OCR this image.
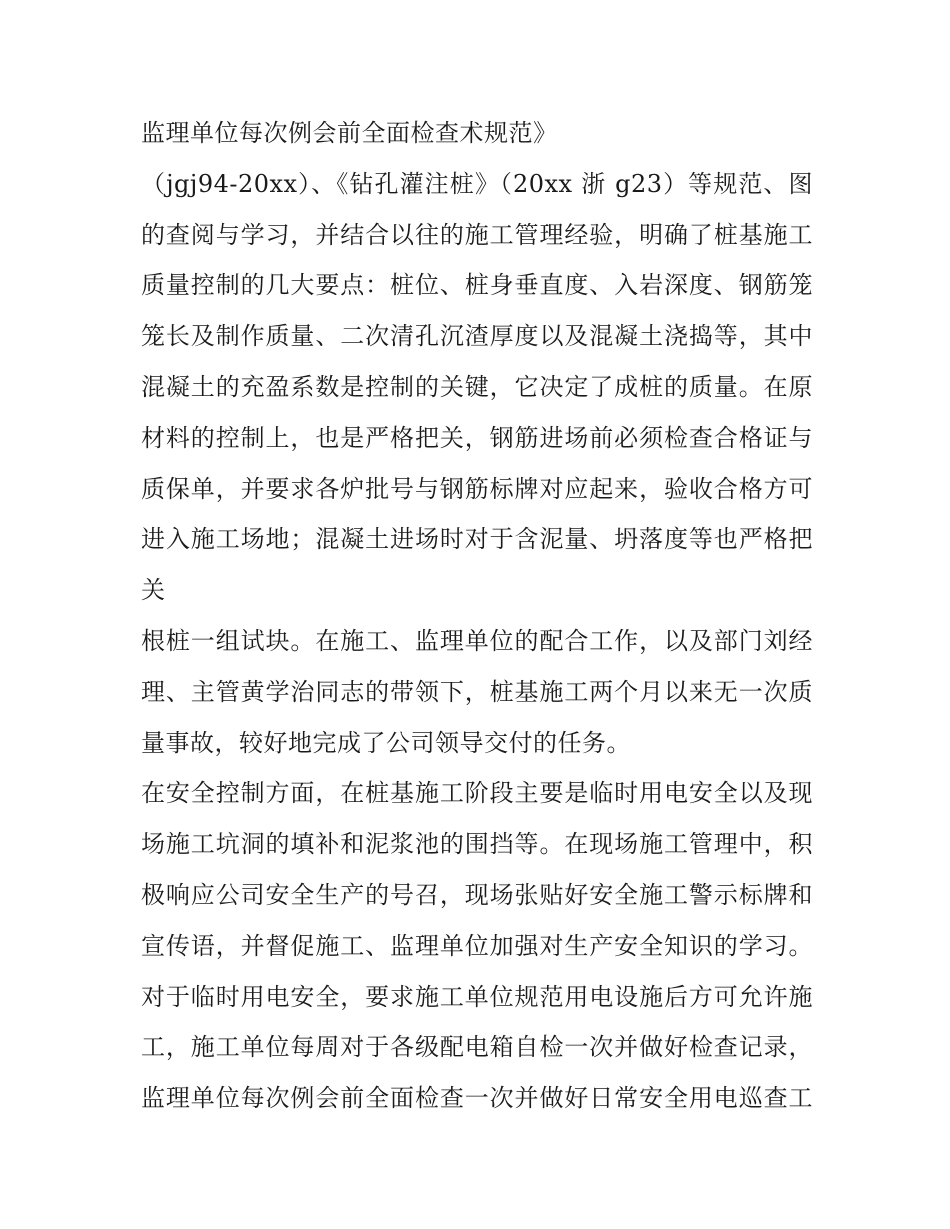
监理单位每次例会前全面检查术规范》
（jgj94-20xx）、《钻孔灌注桩》（20xx 浙 g23）等规范、图
的查阅与学习，并结合以往的施工管理经验，明确了桩基施工
质量控制的几大要点：桩位、桩身垂直度、入岩深度、钢筋笼
笼长及制作质量、二次清孔沉渣厚度以及混凝土浇捣等，其中
混凝土的充盈系数是控制的关键，它决定了成桩的质量。在原
材料的控制上，也是严格把关，钢筋进场前必须检查合格证与
质保单，并要求各炉批号与钢筋标牌对应起来，验收合格方可
进入施工场地；混凝土进场时对于含泥量、坍落度等也严格把
关
根桩一组试块。在施工、监理单位的配合工作，以及部门刘经
理、主管黄学治同志的带领下，桩基施工两个月以来无一次质
量事故，较好地完成了公司领导交付的任务。
在安全控制方面，在桩基施工阶段主要是临时用电安全以及现
场施工坑洞的填补和泥浆池的围挡等。在现场施工管理中，积
极响应公司安全生产的号召，现场张贴好安全施工警示标牌和
宣传语，并督促施工、监理单位加强对生产安全知识的学习。
对于临时用电安全，要求施工单位规范用电设施后方可允许施
工，施工单位每周对于各级配电箱自检一次并做好检查记录，
监理单位每次例会前全面检查一次并做好日常安全用电巡查工
